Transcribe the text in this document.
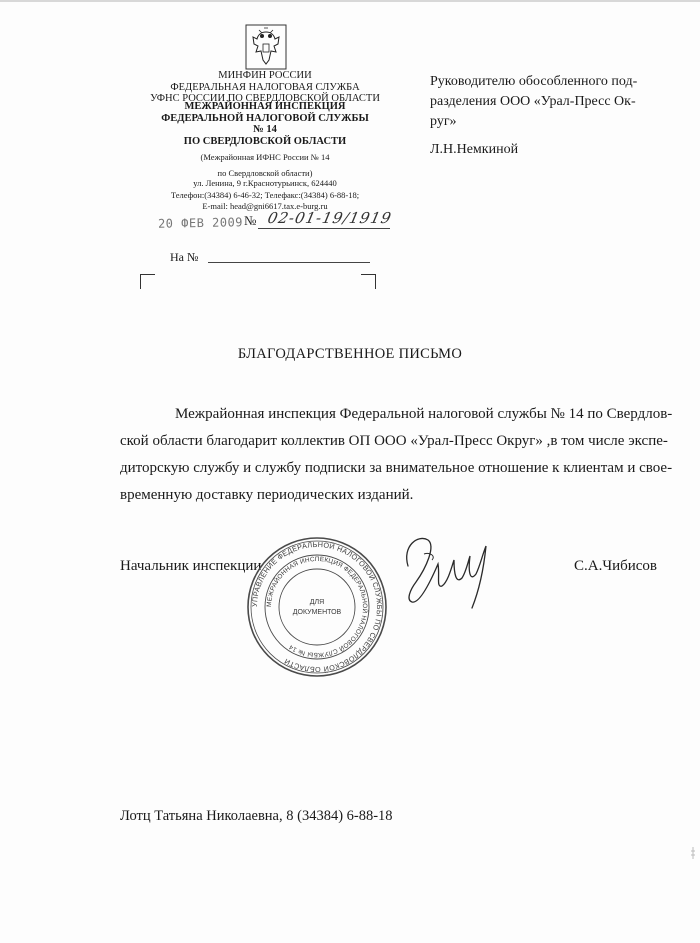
МИНФИН РОССИИ
ФЕДЕРАЛЬНАЯ НАЛОГОВАЯ СЛУЖБА
УФНС РОССИИ ПО СВЕРДЛОВСКОЙ ОБЛАСТИ
МЕЖРАЙОННАЯ ИНСПЕКЦИЯ
ФЕДЕРАЛЬНОЙ НАЛОГОВОЙ СЛУЖБЫ
№ 14
ПО СВЕРДЛОВСКОЙ ОБЛАСТИ
(Межрайонная ИФНС России № 14
по Свердловской области)
ул. Ленина, 9 г.Краснотурьинск, 624440
Телефон:(34384) 6-46-32; Телефакс:(34384) 6-88-18;
E-mail: head@gni6617.tax.e-burg.ru
20 ФЕВ 2009 № 02-01-19/1919
На №
Руководителю обособленного под-
разделения ООО «Урал-Пресс Ок-
руг»
Л.Н.Немкиной
БЛАГОДАРСТВЕННОЕ ПИСЬМО
Межрайонная инспекция Федеральной налоговой службы № 14 по Свердлов-
ской области благодарит коллектив ОП ООО «Урал-Пресс Округ» ,в том числе экспе-
диторскую службу и службу подписки за внимательное отношение к клиентам и свое-
временную доставку периодических изданий.
Начальник инспекции	С.А.Чибисов
УПРАВЛЕНИЕ ФЕДЕРАЛЬНОЙ НАЛОГОВОЙ СЛУЖБЫ ПО СВЕРДЛОВСКОЙ ОБЛАСТИ
МЕЖРАЙОННАЯ ИНСПЕКЦИЯ ФЕДЕРАЛЬНОЙ НАЛОГОВОЙ СЛУЖБЫ № 14
ДЛЯ
ДОКУМЕНТОВ
Лотц Татьяна Николаевна, 8 (34384) 6-88-18
